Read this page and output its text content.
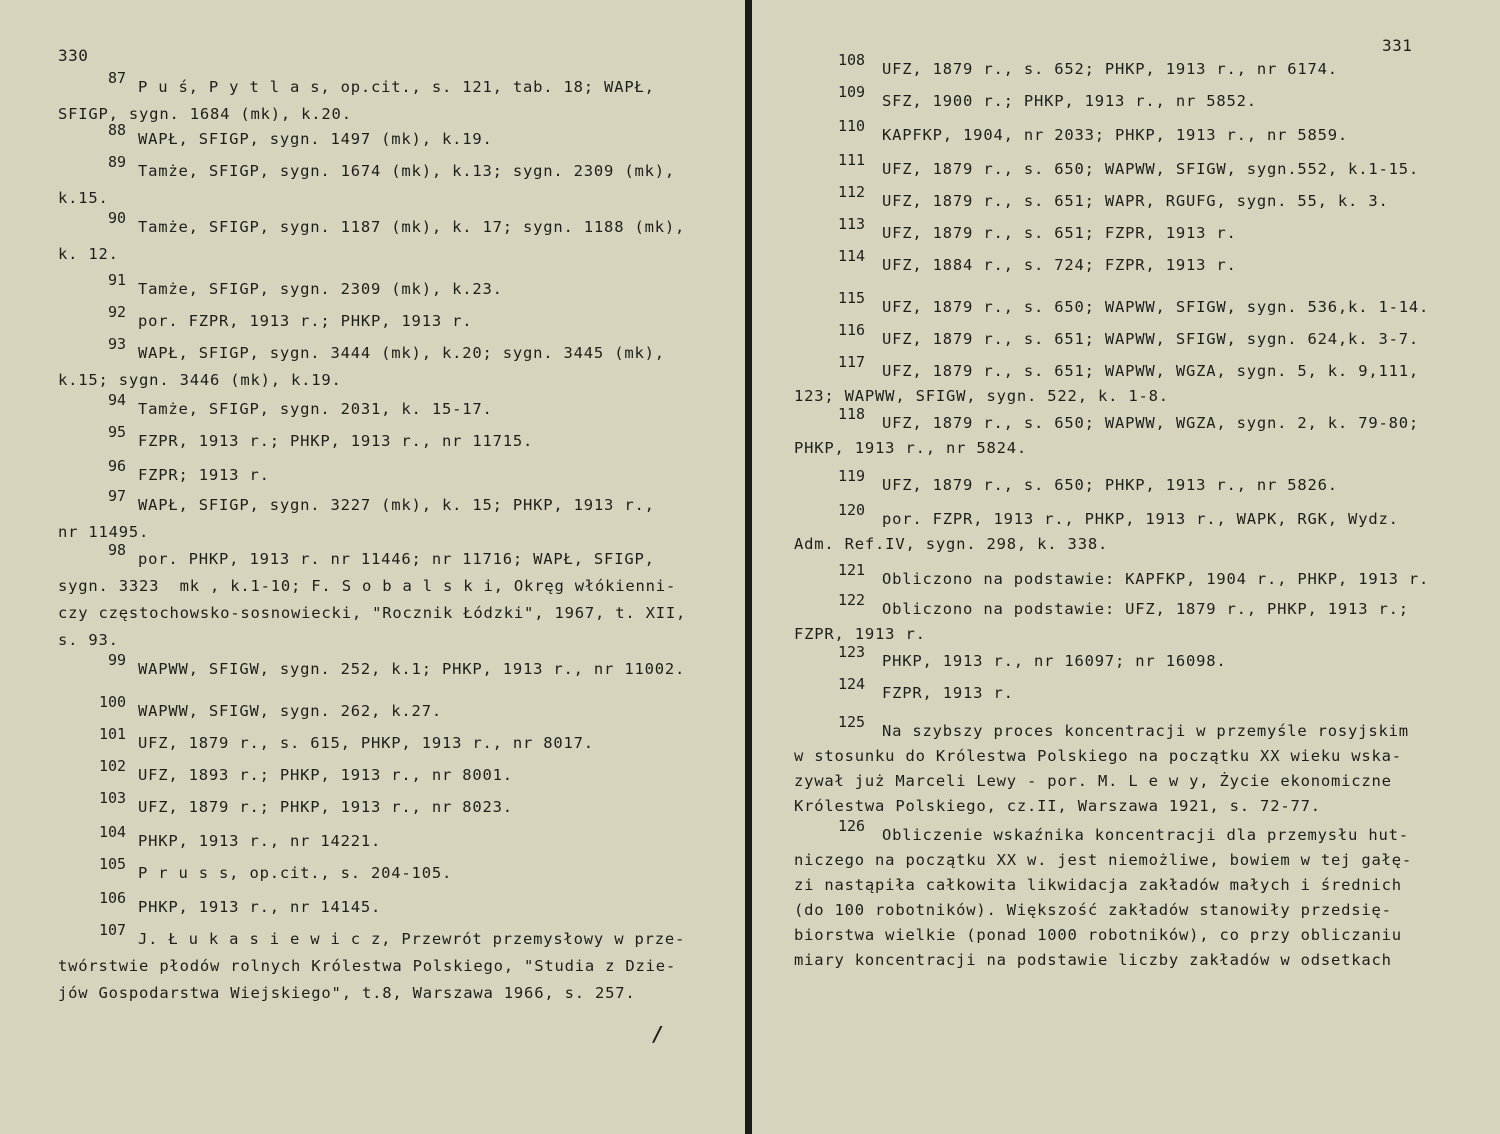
330
87 P u ś, P y t l a s, op.cit., s. 121, tab. 18; WAPŁ,
SFIGP, sygn. 1684 (mk), k.20.
88 WAPŁ, SFIGP, sygn. 1497 (mk), k.19.
89 Tamże, SFIGP, sygn. 1674 (mk), k.13; sygn. 2309 (mk),
k.15.
90 Tamże, SFIGP, sygn. 1187 (mk), k. 17; sygn. 1188 (mk),
k. 12.
91 Tamże, SFIGP, sygn. 2309 (mk), k.23.
92 por. FZPR, 1913 r.; PHKP, 1913 r.
93 WAPŁ, SFIGP, sygn. 3444 (mk), k.20; sygn. 3445 (mk),
k.15; sygn. 3446 (mk), k.19.
94 Tamże, SFIGP, sygn. 2031, k. 15-17.
95 FZPR, 1913 r.; PHKP, 1913 r., nr 11715.
96 FZPR; 1913 r.
97 WAPŁ, SFIGP, sygn. 3227 (mk), k. 15; PHKP, 1913 r.,
nr 11495.
98 por. PHKP, 1913 r. nr 11446; nr 11716; WAPŁ, SFIGP,
sygn. 3323  mk , k.1-10; F. S o b a l s k i, Okręg włókienni-
czy częstochowsko-sosnowiecki, "Rocznik Łódzki", 1967, t. XII,
s. 93.
99 WAPWW, SFIGW, sygn. 252, k.1; PHKP, 1913 r., nr 11002.
100 WAPWW, SFIGW, sygn. 262, k.27.
101 UFZ, 1879 r., s. 615, PHKP, 1913 r., nr 8017.
102 UFZ, 1893 r.; PHKP, 1913 r., nr 8001.
103 UFZ, 1879 r.; PHKP, 1913 r., nr 8023.
104 PHKP, 1913 r., nr 14221.
105 P r u s s, op.cit., s. 204-105.
106 PHKP, 1913 r., nr 14145.
107 J. Ł u k a s i e w i c z, Przewrót przemysłowy w prze-
twórstwie płodów rolnych Królestwa Polskiego, "Studia z Dzie-
jów Gospodarstwa Wiejskiego", t.8, Warszawa 1966, s. 257.
/
331
108 UFZ, 1879 r., s. 652; PHKP, 1913 r., nr 6174.
109 SFZ, 1900 r.; PHKP, 1913 r., nr 5852.
110 KAPFKP, 1904, nr 2033; PHKP, 1913 r., nr 5859.
111 UFZ, 1879 r., s. 650; WAPWW, SFIGW, sygn.552, k.1-15.
112 UFZ, 1879 r., s. 651; WAPR, RGUFG, sygn. 55, k. 3.
113 UFZ, 1879 r., s. 651; FZPR, 1913 r.
114 UFZ, 1884 r., s. 724; FZPR, 1913 r.
115 UFZ, 1879 r., s. 650; WAPWW, SFIGW, sygn. 536,k. 1-14.
116 UFZ, 1879 r., s. 651; WAPWW, SFIGW, sygn. 624,k. 3-7.
117 UFZ, 1879 r., s. 651; WAPWW, WGZA, sygn. 5, k. 9,111,
123; WAPWW, SFIGW, sygn. 522, k. 1-8.
118 UFZ, 1879 r., s. 650; WAPWW, WGZA, sygn. 2, k. 79-80;
PHKP, 1913 r., nr 5824.
119 UFZ, 1879 r., s. 650; PHKP, 1913 r., nr 5826.
120 por. FZPR, 1913 r., PHKP, 1913 r., WAPK, RGK, Wydz.
Adm. Ref.IV, sygn. 298, k. 338.
121 Obliczono na podstawie: KAPFKP, 1904 r., PHKP, 1913 r.
122 Obliczono na podstawie: UFZ, 1879 r., PHKP, 1913 r.;
FZPR, 1913 r.
123 PHKP, 1913 r., nr 16097; nr 16098.
124 FZPR, 1913 r.
125 Na szybszy proces koncentracji w przemyśle rosyjskim
w stosunku do Królestwa Polskiego na początku XX wieku wska-
zywał już Marceli Lewy - por. M. L e w y, Życie ekonomiczne
Królestwa Polskiego, cz.II, Warszawa 1921, s. 72-77.
126 Obliczenie wskaźnika koncentracji dla przemysłu hut-
niczego na początku XX w. jest niemożliwe, bowiem w tej gałę-
zi nastąpiła całkowita likwidacja zakładów małych i średnich
(do 100 robotników). Większość zakładów stanowiły przedsię-
biorstwa wielkie (ponad 1000 robotników), co przy obliczaniu
miary koncentracji na podstawie liczby zakładów w odsetkach
